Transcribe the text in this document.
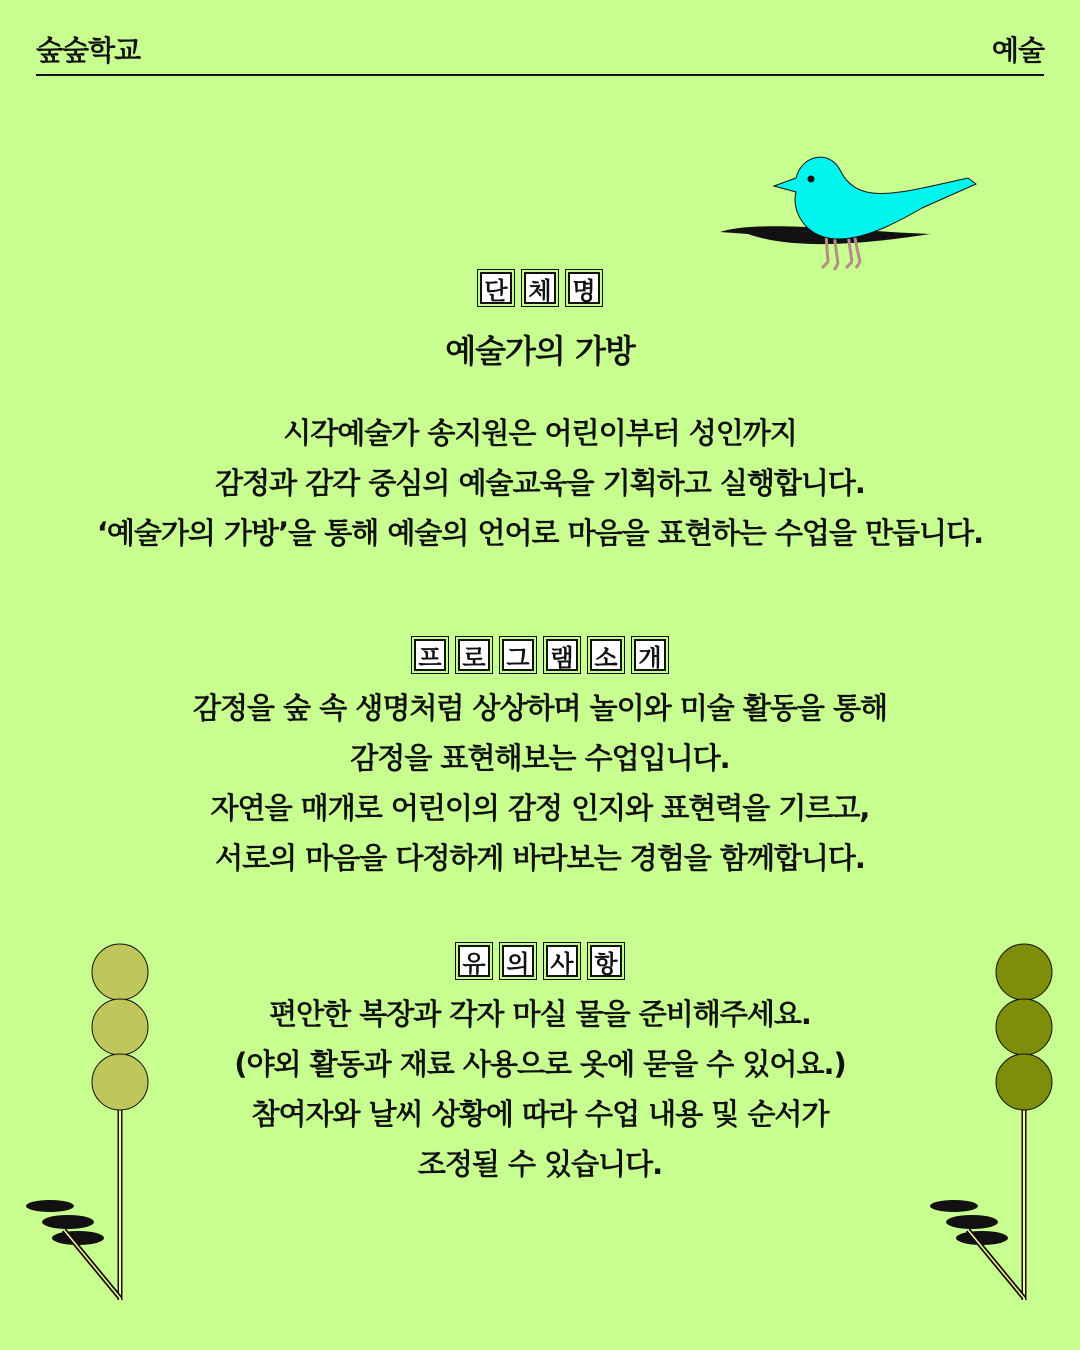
숲숲학교	예술
단 체 명
예술가의 가방
시각예술가 송지원은 어린이부터 성인까지
감정과 감각 중심의 예술교육을 기획하고 실행합니다.
‘예술가의 가방’을 통해 예술의 언어로 마음을 표현하는 수업을 만듭니다.
프 로 그 램 소 개
감정을 숲 속 생명처럼 상상하며 놀이와 미술 활동을 통해
감정을 표현해보는 수업입니다.
자연을 매개로 어린이의 감정 인지와 표현력을 기르고,
서로의 마음을 다정하게 바라보는 경험을 함께합니다.
유 의 사 항
편안한 복장과 각자 마실 물을 준비해주세요.
(야외 활동과 재료 사용으로 옷에 묻을 수 있어요.)
참여자와 날씨 상황에 따라 수업 내용 및 순서가
조정될 수 있습니다.
